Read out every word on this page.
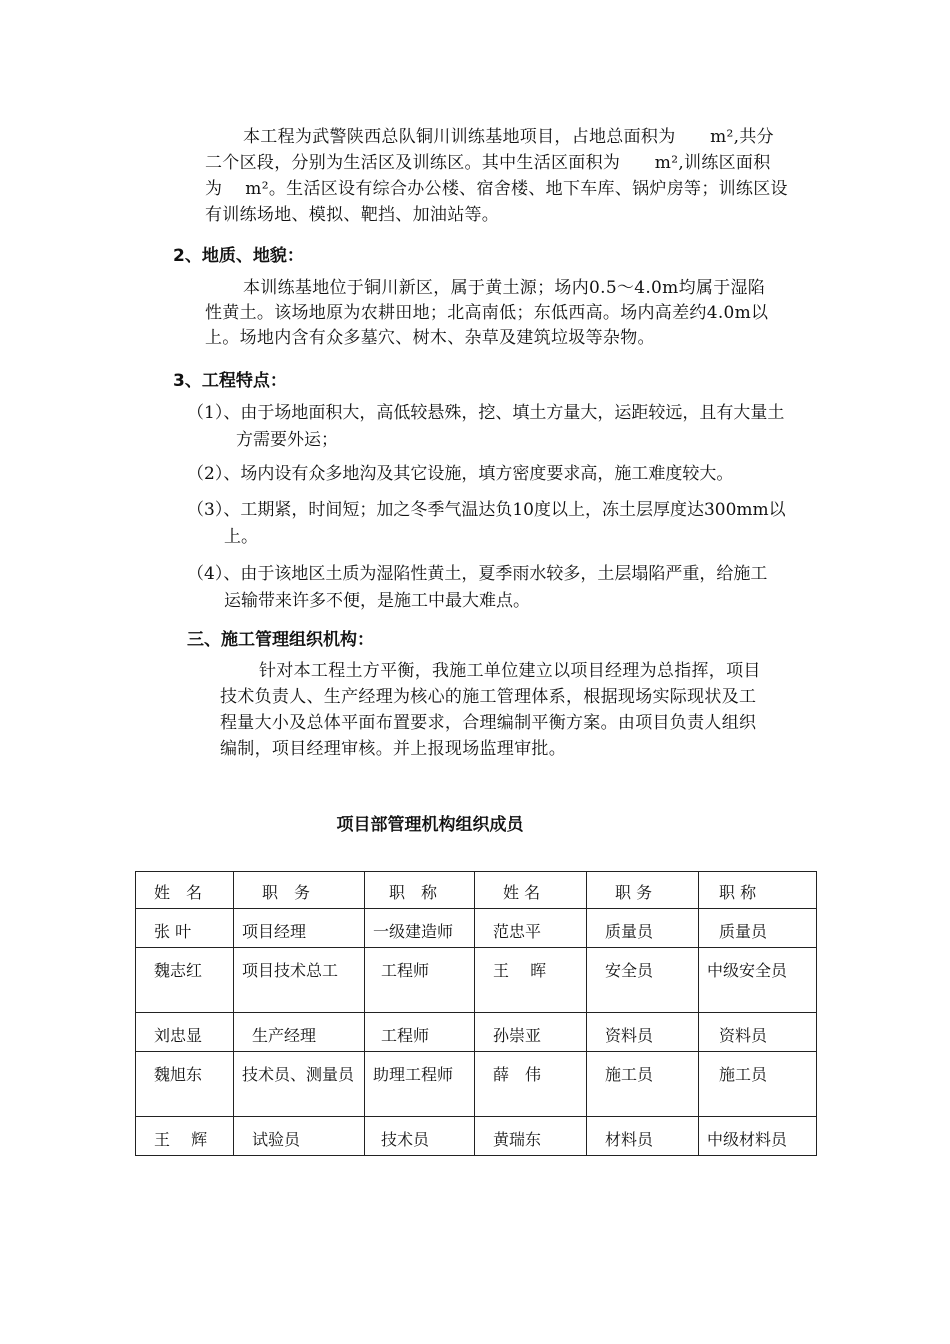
本工程为武警陕西总队铜川训练基地项目，占地总面积为　　m²,共分
二个区段，分别为生活区及训练区。其中生活区面积为　　m²,训练区面积
为　 m²。生活区设有综合办公楼、宿舍楼、地下车库、锅炉房等；训练区设
有训练场地、模拟、靶挡、加油站等。
2、地质、地貌：
本训练基地位于铜川新区，属于黄土源；场内0.5～4.0m均属于湿陷
性黄土。该场地原为农耕田地；北高南低；东低西高。场内高差约4.0m以
上。场地内含有众多墓穴、树木、杂草及建筑垃圾等杂物。
3、工程特点：
（1）、由于场地面积大，高低较悬殊，挖、填土方量大，运距较远，且有大量土
方需要外运；
（2）、场内设有众多地沟及其它设施，填方密度要求高，施工难度较大。
（3）、工期紧，时间短；加之冬季气温达负10度以上，冻土层厚度达300mm以
上。
（4）、由于该地区土质为湿陷性黄土，夏季雨水较多，土层塌陷严重，给施工
运输带来许多不便，是施工中最大难点。
三、施工管理组织机构：
针对本工程土方平衡，我施工单位建立以项目经理为总指挥，项目
技术负责人、生产经理为核心的施工管理体系，根据现场实际现状及工
程量大小及总体平面布置要求，合理编制平衡方案。由项目负责人组织
编制，项目经理审核。并上报现场监理审批。
项目部管理机构组织成员
姓　名	职　务	职　称	姓 名	职 务	职 称
张 叶	项目经理	一级建造师	范忠平	质量员	质量员
魏志红	项目技术总工	工程师	王　 晖	安全员	中级安全员
刘忠显	生产经理	工程师	孙崇亚	资料员	资料员
魏旭东	技术员、测量员	助理工程师	薛　伟	施工员	施工员
王　 辉	试验员	技术员	黄瑞东	材料员	中级材料员
